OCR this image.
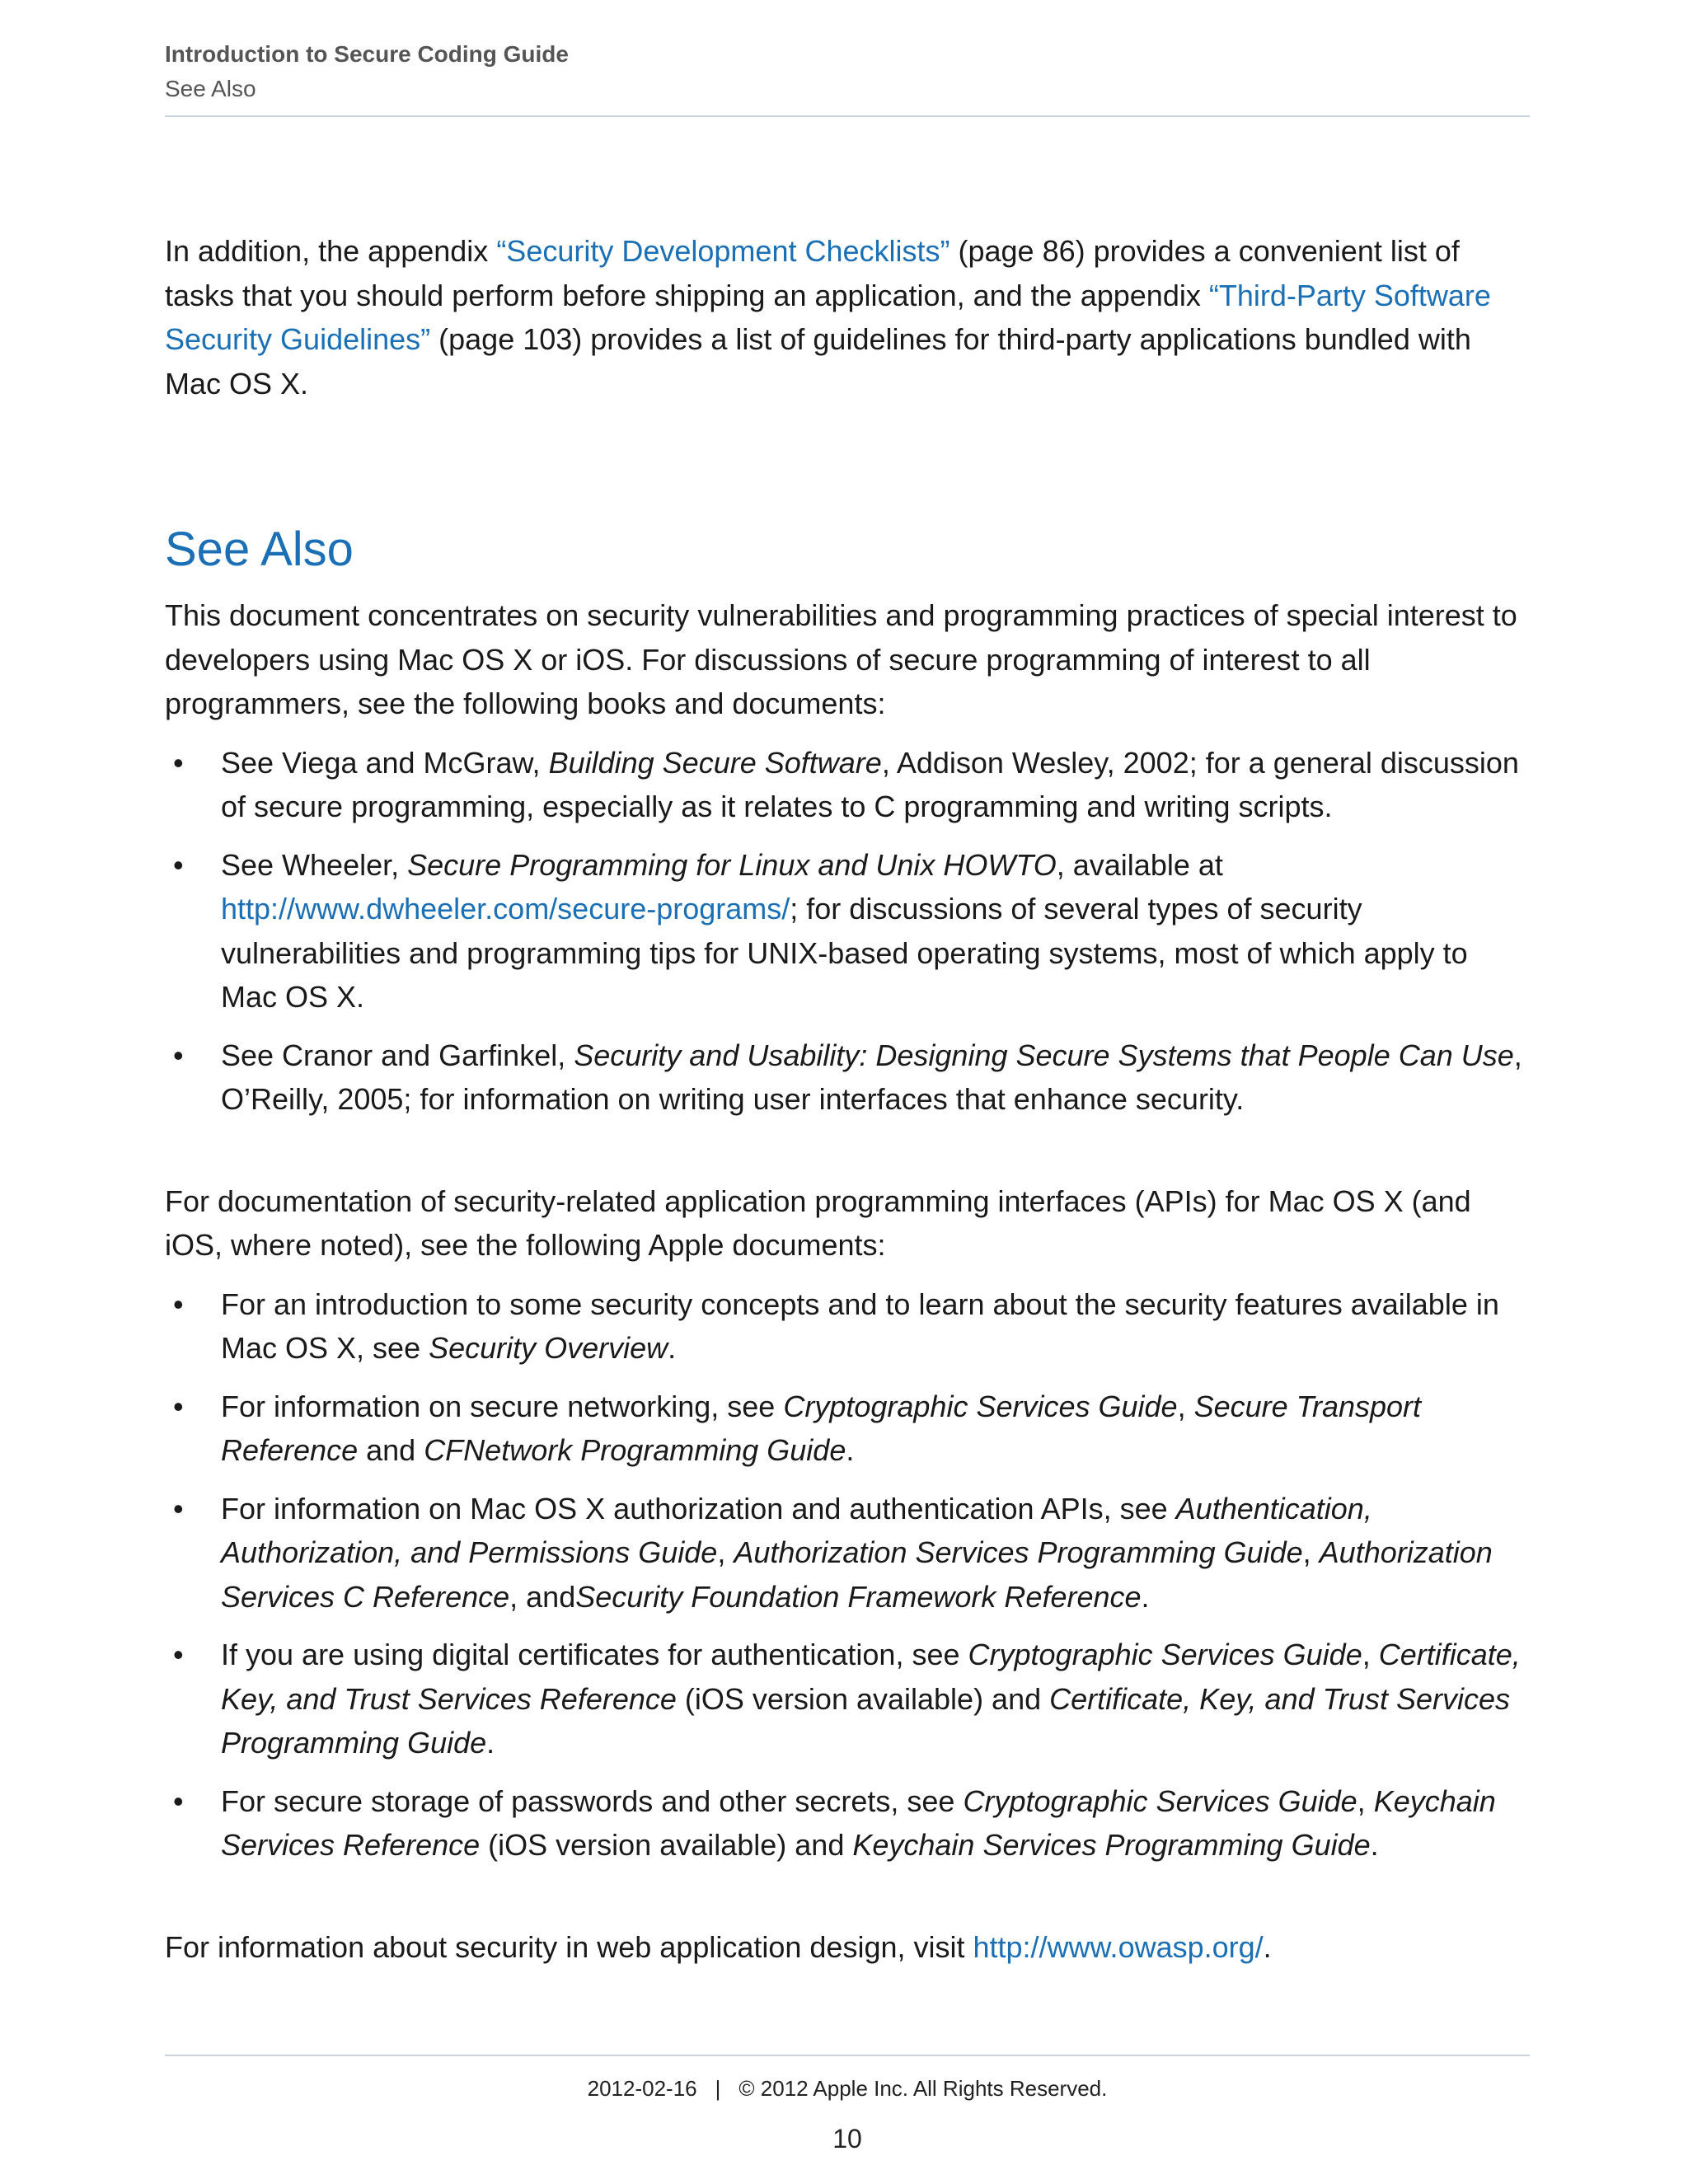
Introduction to Secure Coding Guide
See Also

In addition, the appendix “Security Development Checklists” (page 86) provides a convenient list of tasks that you should perform before shipping an application, and the appendix “Third-Party Software Security Guidelines” (page 103) provides a list of guidelines for third-party applications bundled with Mac OS X.

See Also

This document concentrates on security vulnerabilities and programming practices of special interest to developers using Mac OS X or iOS. For discussions of secure programming of interest to all programmers, see the following books and documents:

• See Viega and McGraw, Building Secure Software, Addison Wesley, 2002; for a general discussion of secure programming, especially as it relates to C programming and writing scripts.
• See Wheeler, Secure Programming for Linux and Unix HOWTO, available at http://www.dwheeler.com/secure-programs/; for discussions of several types of security vulnerabilities and programming tips for UNIX-based operating systems, most of which apply to Mac OS X.
• See Cranor and Garfinkel, Security and Usability: Designing Secure Systems that People Can Use, O’Reilly, 2005; for information on writing user interfaces that enhance security.

For documentation of security-related application programming interfaces (APIs) for Mac OS X (and iOS, where noted), see the following Apple documents:

• For an introduction to some security concepts and to learn about the security features available in Mac OS X, see Security Overview.
• For information on secure networking, see Cryptographic Services Guide, Secure Transport Reference and CFNetwork Programming Guide.
• For information on Mac OS X authorization and authentication APIs, see Authentication, Authorization, and Permissions Guide, Authorization Services Programming Guide, Authorization Services C Reference, andSecurity Foundation Framework Reference.
• If you are using digital certificates for authentication, see Cryptographic Services Guide, Certificate, Key, and Trust Services Reference (iOS version available) and Certificate, Key, and Trust Services Programming Guide.
• For secure storage of passwords and other secrets, see Cryptographic Services Guide, Keychain Services Reference (iOS version available) and Keychain Services Programming Guide.

For information about security in web application design, visit http://www.owasp.org/.

2012-02-16 | © 2012 Apple Inc. All Rights Reserved.
10
